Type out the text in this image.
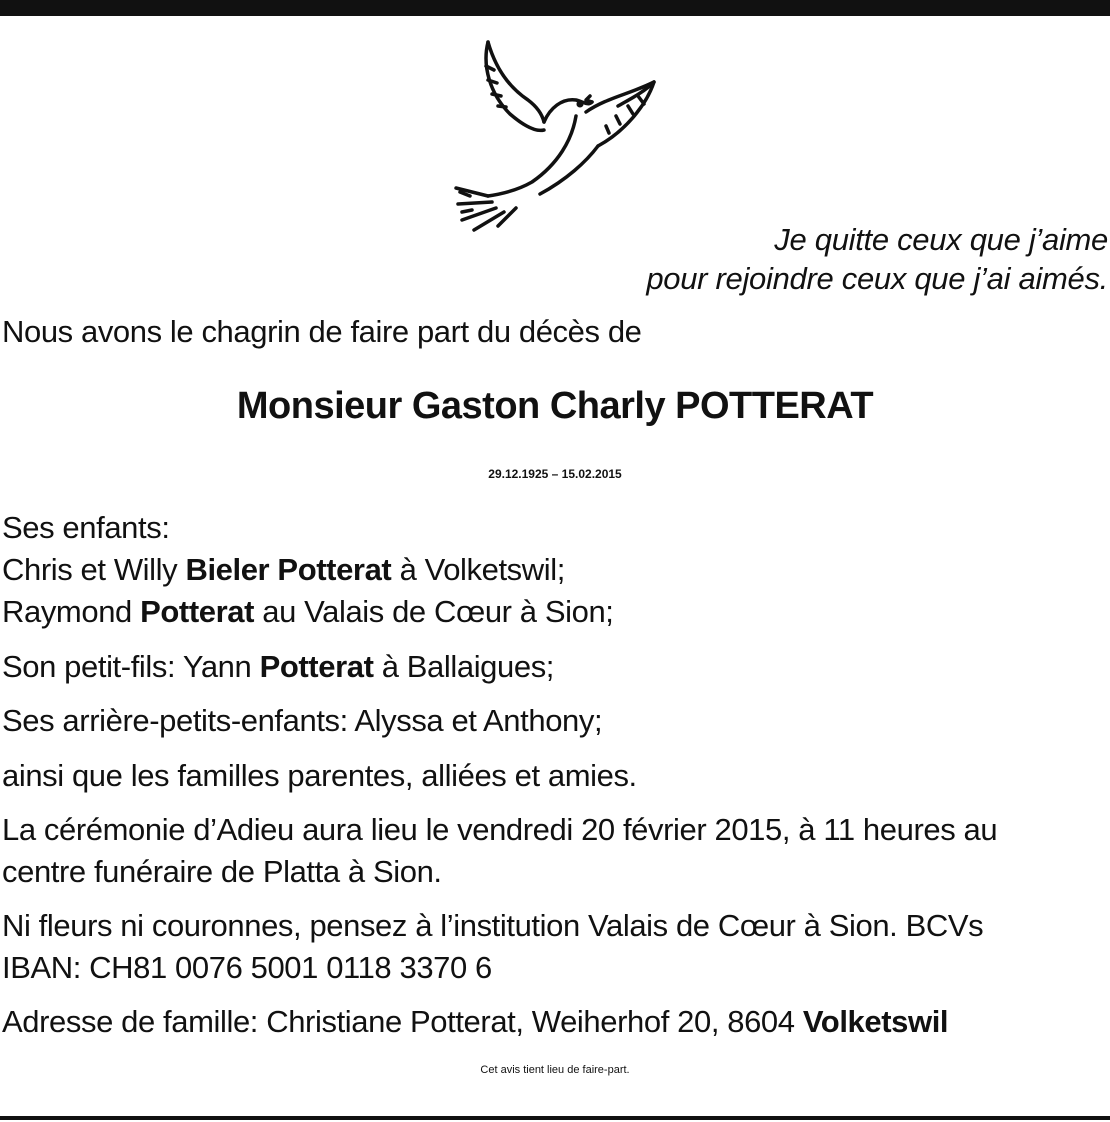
Je quitte ceux que j’aime
pour rejoindre ceux que j’ai aimés.
Nous avons le chagrin de faire part du décès de
Monsieur Gaston Charly POTTERAT
29.12.1925 – 15.02.2015
Ses enfants:
Chris et Willy Bieler Potterat à Volketswil;
Raymond Potterat au Valais de Cœur à Sion;
Son petit-fils: Yann Potterat à Ballaigues;
Ses arrière-petits-enfants: Alyssa et Anthony;
ainsi que les familles parentes, alliées et amies.
La cérémonie d’Adieu aura lieu le vendredi 20 février 2015, à 11 heures au
centre funéraire de Platta à Sion.
Ni fleurs ni couronnes, pensez à l’institution Valais de Cœur à Sion. BCVs
IBAN: CH81 0076 5001 0118 3370 6
Adresse de famille: Christiane Potterat, Weiherhof 20, 8604 Volketswil
Cet avis tient lieu de faire-part.
